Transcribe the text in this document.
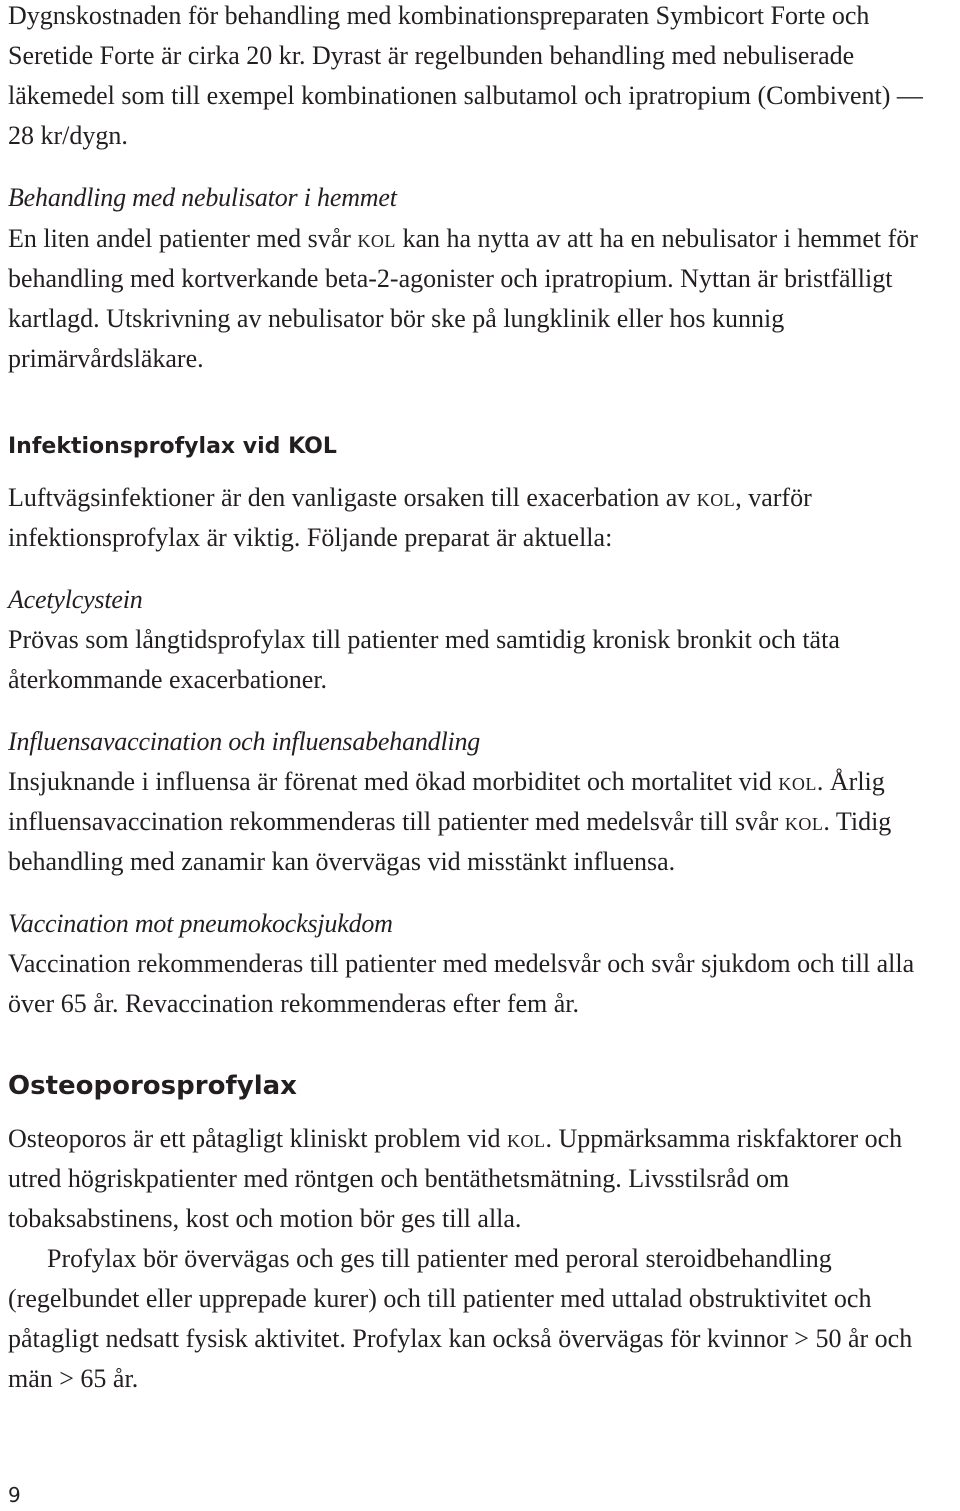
Dygnskostnaden för behandling med kombinationspreparaten Symbicort Forte och Seretide Forte är cirka 20 kr. Dyrast är regelbunden behandling med nebuliserade läkemedel som till exempel kombinationen salbutamol och ipratropium (Combivent) — 28 kr/dygn.

Behandling med nebulisator i hemmet

En liten andel patienter med svår kol kan ha nytta av att ha en nebulisator i hemmet för behandling med kortverkande beta-2-agonister och ipratropium. Nyttan är bristfälligt kartlagd. Utskrivning av nebulisator bör ske på lungklinik eller hos kunnig primärvårdsläkare.

Infektionsprofylax vid KOL

Luftvägsinfektioner är den vanligaste orsaken till exacerbation av kol, varför infektionsprofylax är viktig. Följande preparat är aktuella:

Acetylcystein

Prövas som långtidsprofylax till patienter med samtidig kronisk bronkit och täta återkommande exacerbationer.

Influensavaccination och influensabehandling

Insjuknande i influensa är förenat med ökad morbiditet och mortalitet vid kol. Årlig influensavaccination rekommenderas till patienter med medelsvår till svår kol. Tidig behandling med zanamir kan övervägas vid misstänkt influensa.

Vaccination mot pneumokocksjukdom

Vaccination rekommenderas till patienter med medelsvår och svår sjukdom och till alla över 65 år. Revaccination rekommenderas efter fem år.

Osteoporosprofylax

Osteoporos är ett påtagligt kliniskt problem vid kol. Uppmärksamma riskfaktorer och utred högriskpatienter med röntgen och bentäthetsmätning. Livsstilsråd om tobaksabstinens, kost och motion bör ges till alla.

Profylax bör övervägas och ges till patienter med peroral steroidbehandling (regelbundet eller upprepade kurer) och till patienter med uttalad obstruktivitet och påtagligt nedsatt fysisk aktivitet. Profylax kan också övervägas för kvinnor > 50 år och män > 65 år.

9
